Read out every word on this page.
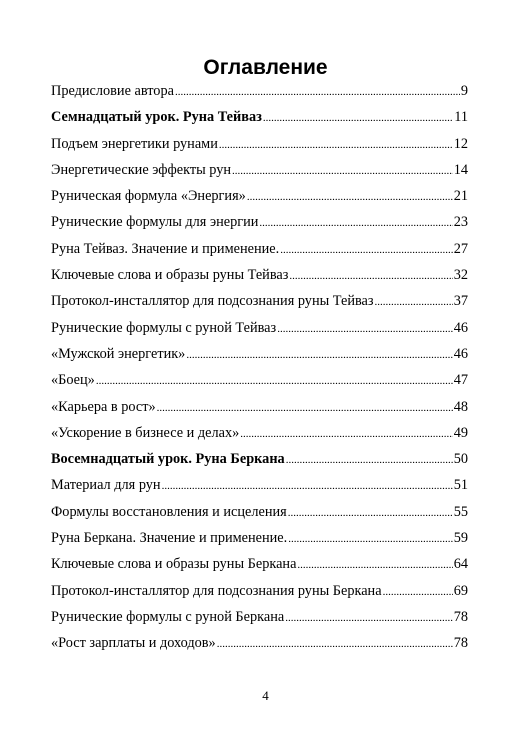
Оглавление
Предисловие автора .....	9
Семнадцатый урок. Руна Тейваз .....	11
Подъем энергетики рунами .....	12
Энергетические эффекты рун .....	14
Руническая формула «Энергия» .....	21
Рунические формулы для энергии .....	23
Руна Тейваз. Значение и применение. .....	27
Ключевые слова и образы руны Тейваз .....	32
Протокол-инсталлятор для подсознания руны Тейваз .....	37
Рунические формулы с руной Тейваз .....	46
«Мужской энергетик» .....	46
«Боец» .....	47
«Карьера в рост» .....	48
«Ускорение в бизнесе и делах» .....	49
Восемнадцатый урок. Руна Беркана .....	50
Материал для рун .....	51
Формулы восстановления и исцеления .....	55
Руна Беркана. Значение и применение. .....	59
Ключевые слова и образы руны Беркана .....	64
Протокол-инсталлятор для подсознания руны Беркана .....	69
Рунические формулы с руной Беркана .....	78
«Рост зарплаты и доходов» .....	78
4
